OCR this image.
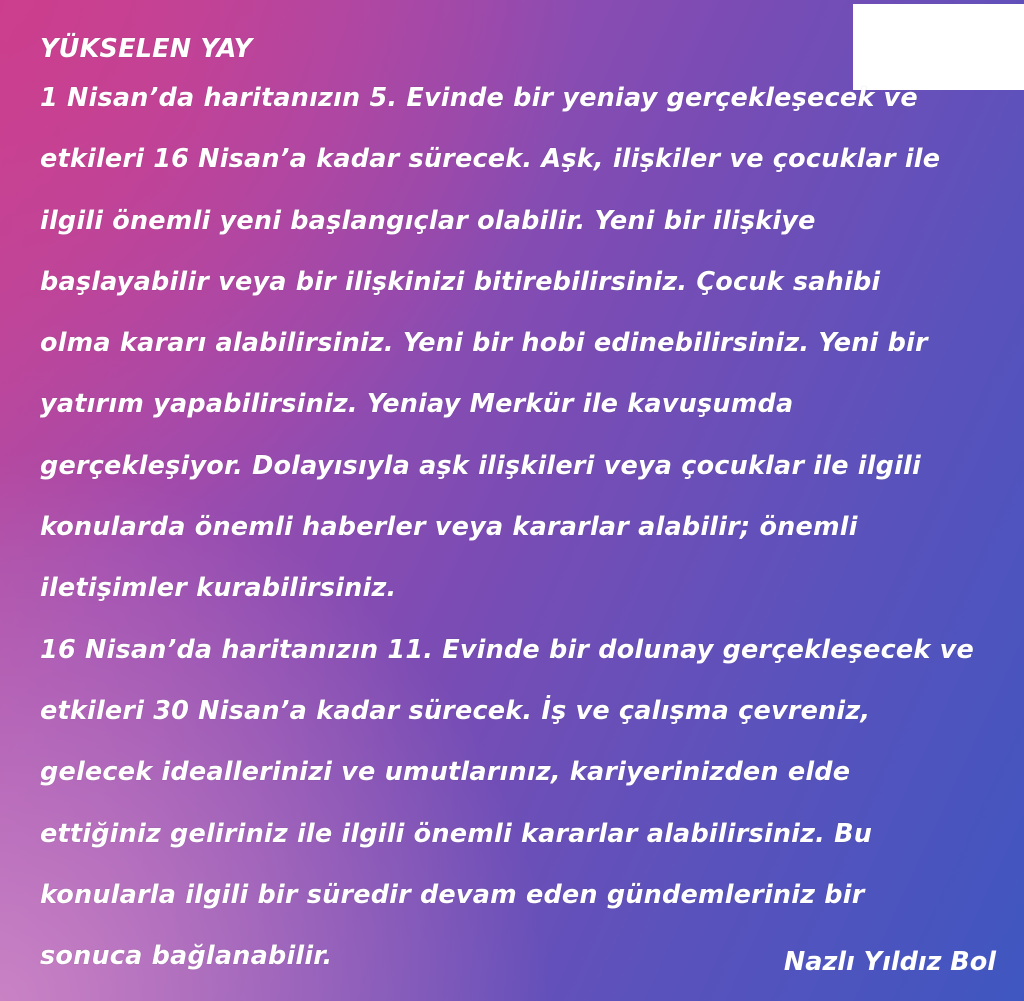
YÜKSELEN YAY
1 Nisan’da haritanızın 5. Evinde bir yeniay gerçekleşecek ve
etkileri 16 Nisan’a kadar sürecek. Aşk, ilişkiler ve çocuklar ile
ilgili önemli yeni başlangıçlar olabilir. Yeni bir ilişkiye
başlayabilir veya bir ilişkinizi bitirebilirsiniz. Çocuk sahibi
olma kararı alabilirsiniz. Yeni bir hobi edinebilirsiniz. Yeni bir
yatırım yapabilirsiniz. Yeniay Merkür ile kavuşumda
gerçekleşiyor. Dolayısıyla aşk ilişkileri veya çocuklar ile ilgili
konularda önemli haberler veya kararlar alabilir; önemli
iletişimler kurabilirsiniz.
16 Nisan’da haritanızın 11. Evinde bir dolunay gerçekleşecek ve
etkileri 30 Nisan’a kadar sürecek. İş ve çalışma çevreniz,
gelecek ideallerinizi ve umutlarınız, kariyerinizden elde
ettiğiniz geliriniz ile ilgili önemli kararlar alabilirsiniz. Bu
konularla ilgili bir süredir devam eden gündemleriniz bir
sonuca bağlanabilir.	Nazlı Yıldız Bol
